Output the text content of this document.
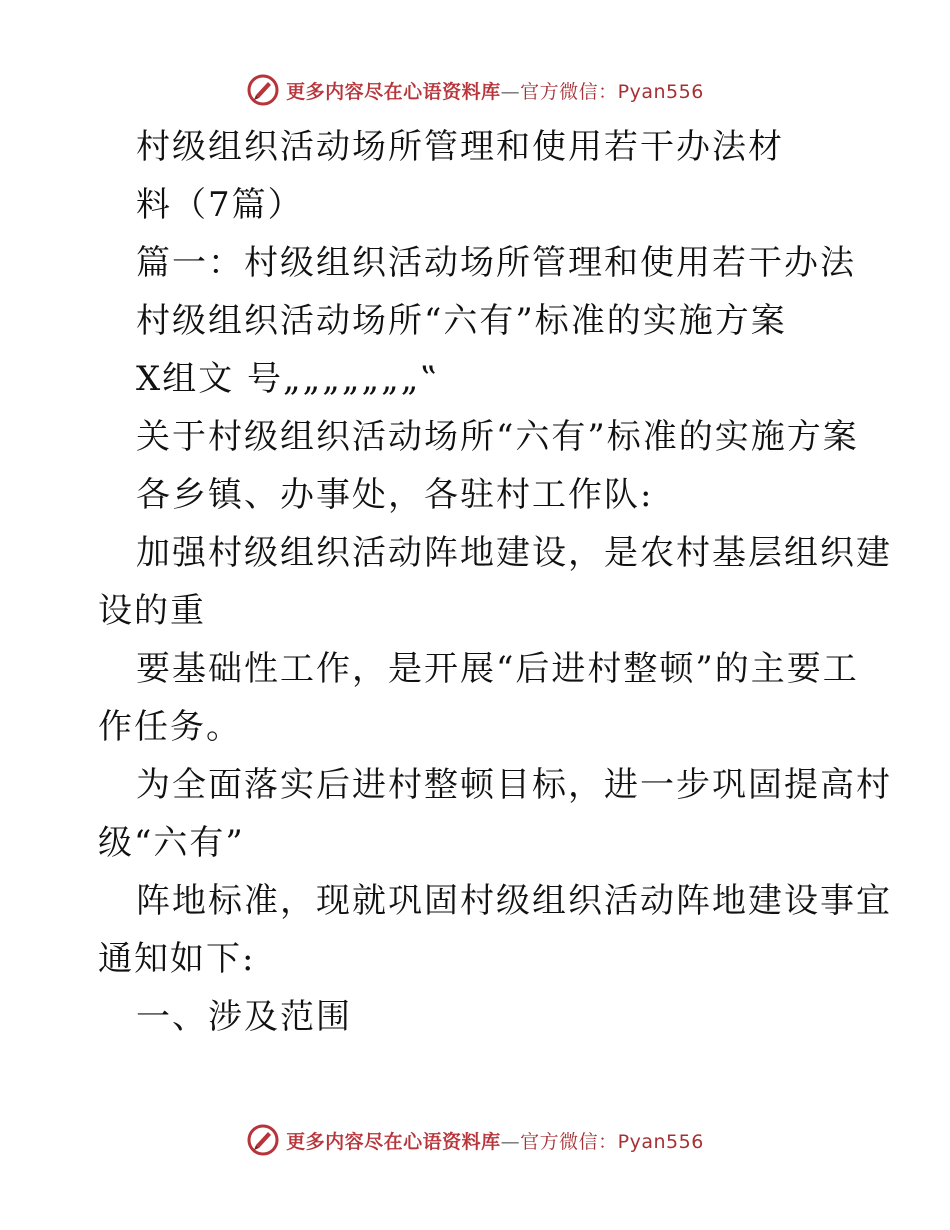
更多内容尽在心语资料库—官方微信：Pyan556
村级组织活动场所管理和使用若干办法材
料（7篇）
篇一：村级组织活动场所管理和使用若干办法
村级组织活动场所“六有”标准的实施方案
X组文 号„„„„„„„‟
关于村级组织活动场所“六有”标准的实施方案
各乡镇、办事处，各驻村工作队:
加强村级组织活动阵地建设，是农村基层组织建
设的重
要基础性工作，是开展“后进村整顿”的主要工
作任务。
为全面落实后进村整顿目标，进一步巩固提高村
级“六有”
阵地标准，现就巩固村级组织活动阵地建设事宜
通知如下:
一、涉及范围
更多内容尽在心语资料库—官方微信：Pyan556
